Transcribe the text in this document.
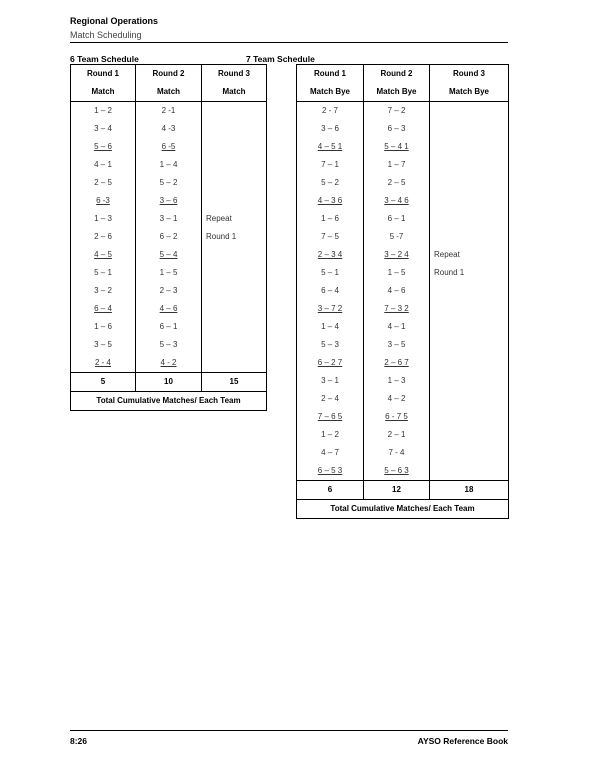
Regional Operations
Match Scheduling
6 Team Schedule	7 Team Schedule
Round 1	Round 2	Round 3
Match	Match	Match
1 – 2	2 -1	
3 – 4	4 -3	
5 – 6	6 -5	
4 – 1	1 – 4	
2 – 5	5 – 2	
6 -3	3 – 6	
1 – 3	3 – 1	Repeat
2 – 6	6 – 2	Round 1
4 – 5	5 – 4	
5 – 1	1 – 5	
3 – 2	2 – 3	
6 – 4	4 – 6	
1 – 6	6 – 1	
3 – 5	5 – 3	
2 - 4	4 - 2	
5	10	15
Total Cumulative Matches/ Each Team		
Round 1	Round 2	Round 3
Match Bye	Match Bye	Match Bye
2 - 7	7 – 2	
3 – 6	6 – 3	
4 – 5 1	5 – 4 1	
7 – 1	1 – 7	
5 – 2	2 – 5	
4 – 3 6	3 – 4 6	
1 – 6	6 – 1	
7 – 5	5 -7	
2 – 3 4	3 – 2 4	Repeat
5 – 1	1 – 5	Round 1
6 – 4	4 – 6	
3 – 7 2	7 – 3 2	
1 – 4	4 – 1	
5 – 3	3 – 5	
6 – 2 7	2 – 6 7	
3 – 1	1 – 3	
2 – 4	4 – 2	
7 – 6 5	6 - 7 5	
1 – 2	2 – 1	
4 – 7	7 - 4	
6 – 5 3	5 – 6 3	
6	12	18
Total Cumulative Matches/ Each Team		
8:26	AYSO Reference Book
